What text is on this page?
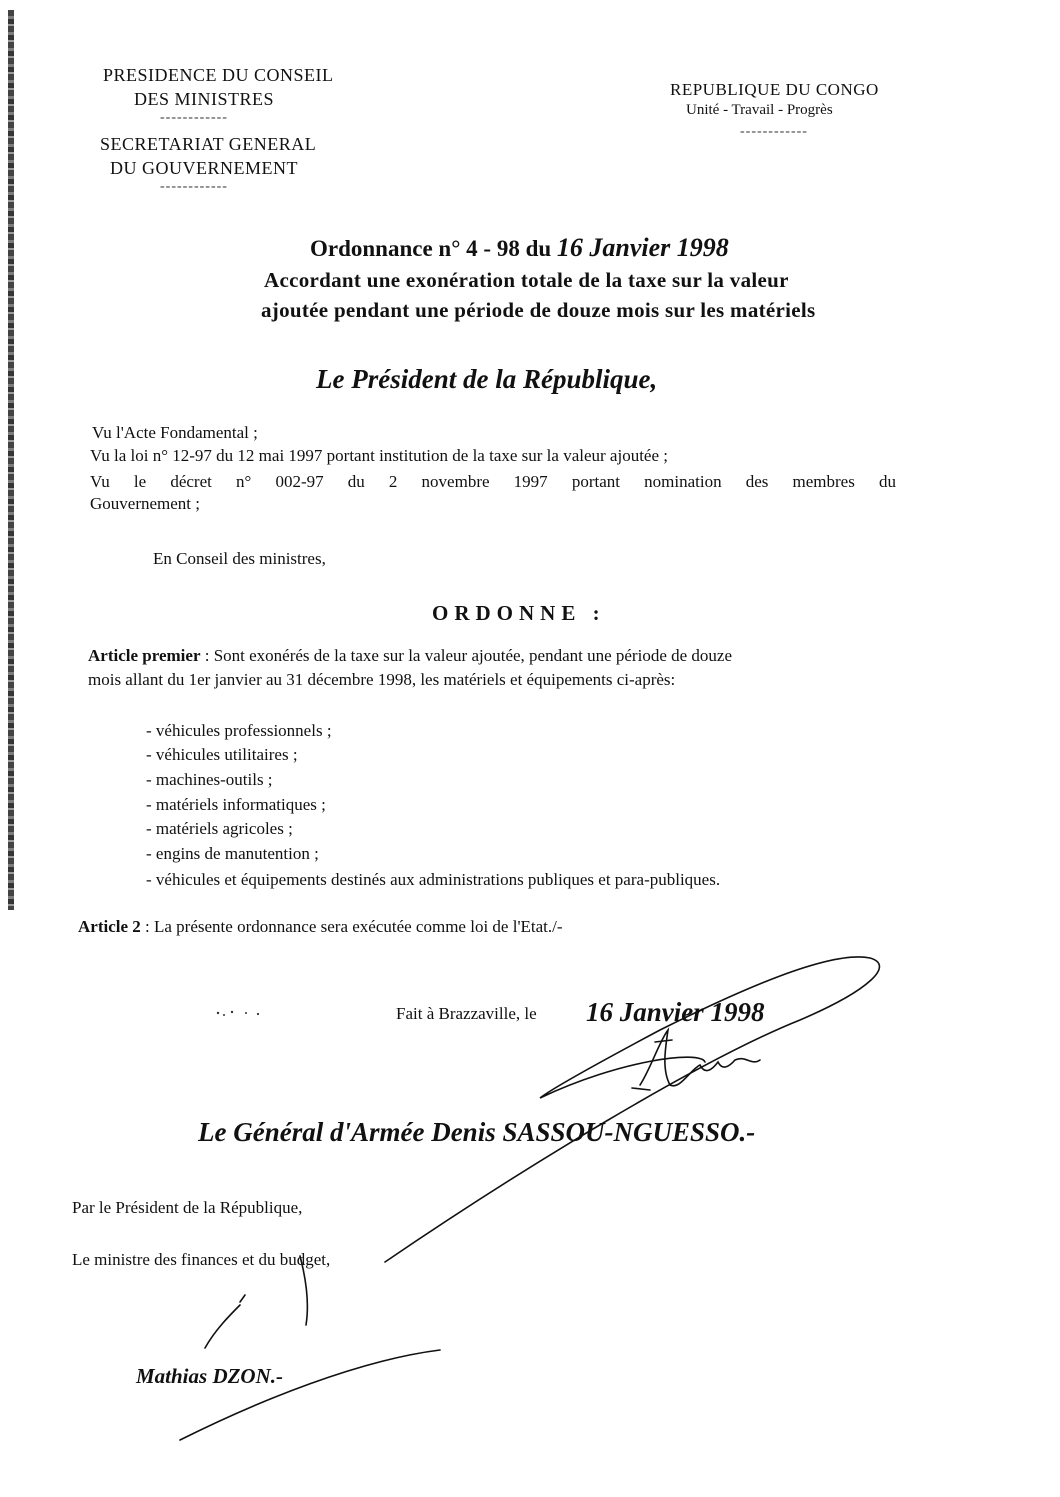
PRESIDENCE DU CONSEIL
DES MINISTRES
------------
SECRETARIAT GENERAL
DU GOUVERNEMENT
------------
REPUBLIQUE DU CONGO
Unité - Travail - Progrès
------------
Ordonnance n° 4 - 98 du 16 Janvier 1998
Accordant une exonération totale de la taxe sur la valeur
ajoutée pendant une période de douze mois sur les matériels
Le Président de la République,
Vu l'Acte Fondamental ;
Vu la loi n° 12-97 du 12 mai 1997 portant institution de la taxe sur la valeur ajoutée ;
Vu le décret n° 002-97 du 2 novembre 1997 portant nomination des membres du
Gouvernement ;
En Conseil des ministres,
ORDONNE :
Article premier : Sont exonérés de la taxe sur la valeur ajoutée, pendant une période de douze
mois allant du 1er janvier au 31 décembre 1998, les matériels et équipements ci-après:
- véhicules professionnels ;
- véhicules utilitaires ;
- machines-outils ;
- matériels informatiques ;
- matériels agricoles ;
- engins de manutention ;
- véhicules et équipements destinés aux administrations publiques et para-publiques.
Article 2 : La présente ordonnance sera exécutée comme loi de l'Etat./-
Fait à Brazzaville, le 16 Janvier 1998
Le Général d'Armée Denis SASSOU-NGUESSO.-
Par le Président de la République,
Le ministre des finances et du budget,
Mathias DZON.-
